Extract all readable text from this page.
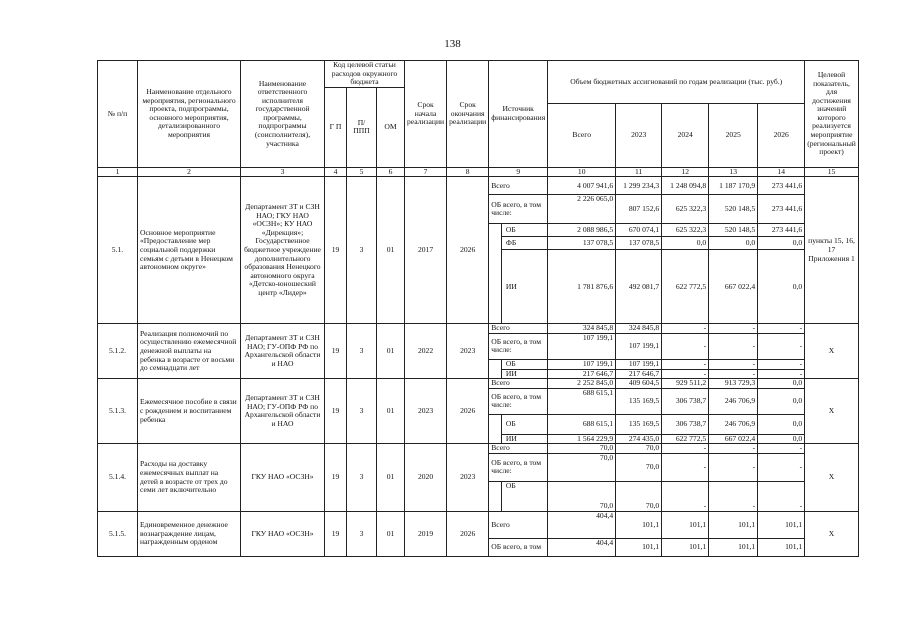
138
№ п/п	Наименование отдельного мероприятия, регионального проекта, подпрограммы, основного мероприятия, детализированного мероприятия	Наименование ответственного исполнителя государственной программы, подпрограммы (соисполнителя), участника	Код целевой статьи расходов окружного бюджета			Срок начала реализации	Срок окончания реализации	Источник финансирования		Объем бюджетных ассигнований по годам реализации (тыс. руб.)					Целевой показатель, для достижения значений которого реализуется мероприятие (региональный проект)
			Г П	П/ ППП	ОМ										
										Всего	2023	2024	2025	2026	
1	2	3	4	5	6	7	8	9		10	11	12	13	14	15
5.1.	Основное мероприятие «Предоставление мер социальной поддержки семьям с детьми в Ненецком автономном округе»	Департамент ЗТ и СЗН НАО; ГКУ НАО «ОСЗН»; КУ НАО «Дирекция»; Государственное бюджетное учреждение дополнительного образования Ненецкого автономного округа «Детско-юношеский центр «Лидер»	19	3	01	2017	2026	Всего		4 007 941,6	1 299 234,3	1 248 094,8	1 187 170,9	273 441,6	пункты 15, 16, 17 Приложения 1
								ОБ всего, в том числе:		2 226 065,0	807 152,6	625 322,3	520 148,5	273 441,6	
									ОБ	2 088 986,5	670 074,1	625 322,3	520 148,5	273 441,6	
									ФБ	137 078,5	137 078,5	0,0	0,0	0,0	
									ИИ	1 781 876,6	492 081,7	622 772,5	667 022,4	0,0	
5.1.2.	Реализация полномочий по осуществлению ежемесячной денежной выплаты на ребенка в возрасте от восьми до семнадцати лет	Департамент ЗТ и СЗН НАО; ГУ-ОПФ РФ по Архангельской области и НАО	19	3	01	2022	2023	Всего		324 845,8	324 845,8	-	-	-	Х
								ОБ всего, в том числе:		107 199,1	107 199,1	-	-	-	
									ОБ	107 199,1	107 199,1	-	-	-	
									ИИ	217 646,7	217 646,7	-	-	-	
5.1.3.	Ежемесячное пособие в связи с рождением и воспитанием ребенка	Департамент ЗТ и СЗН НАО; ГУ-ОПФ РФ по Архангельской области и НАО	19	3	01	2023	2026	Всего		2 252 845,0	409 604,5	929 511,2	913 729,3	0,0	Х
								ОБ всего, в том числе:		688 615,1	135 169,5	306 738,7	246 706,9	0,0	
									ОБ	688 615,1	135 169,5	306 738,7	246 706,9	0,0	
									ИИ	1 564 229,9	274 435,0	622 772,5	667 022,4	0,0	
5.1.4.	Расходы на доставку ежемесячных выплат на детей в возрасте от трех до семи лет включительно	ГКУ НАО «ОСЗН»	19	3	01	2020	2023	Всего		70,0	70,0	-	-	-	Х
								ОБ всего, в том числе:		70,0	70,0	-	-	-	
									ОБ	70,0	70,0	-	-	-	
5.1.5.	Единовременное денежное вознаграждение лицам, награжденным орденом	ГКУ НАО «ОСЗН»	19	3	01	2019	2026	Всего		404,4	101,1	101,1	101,1	101,1	Х
								ОБ всего, в том		404,4	101,1	101,1	101,1	101,1	
